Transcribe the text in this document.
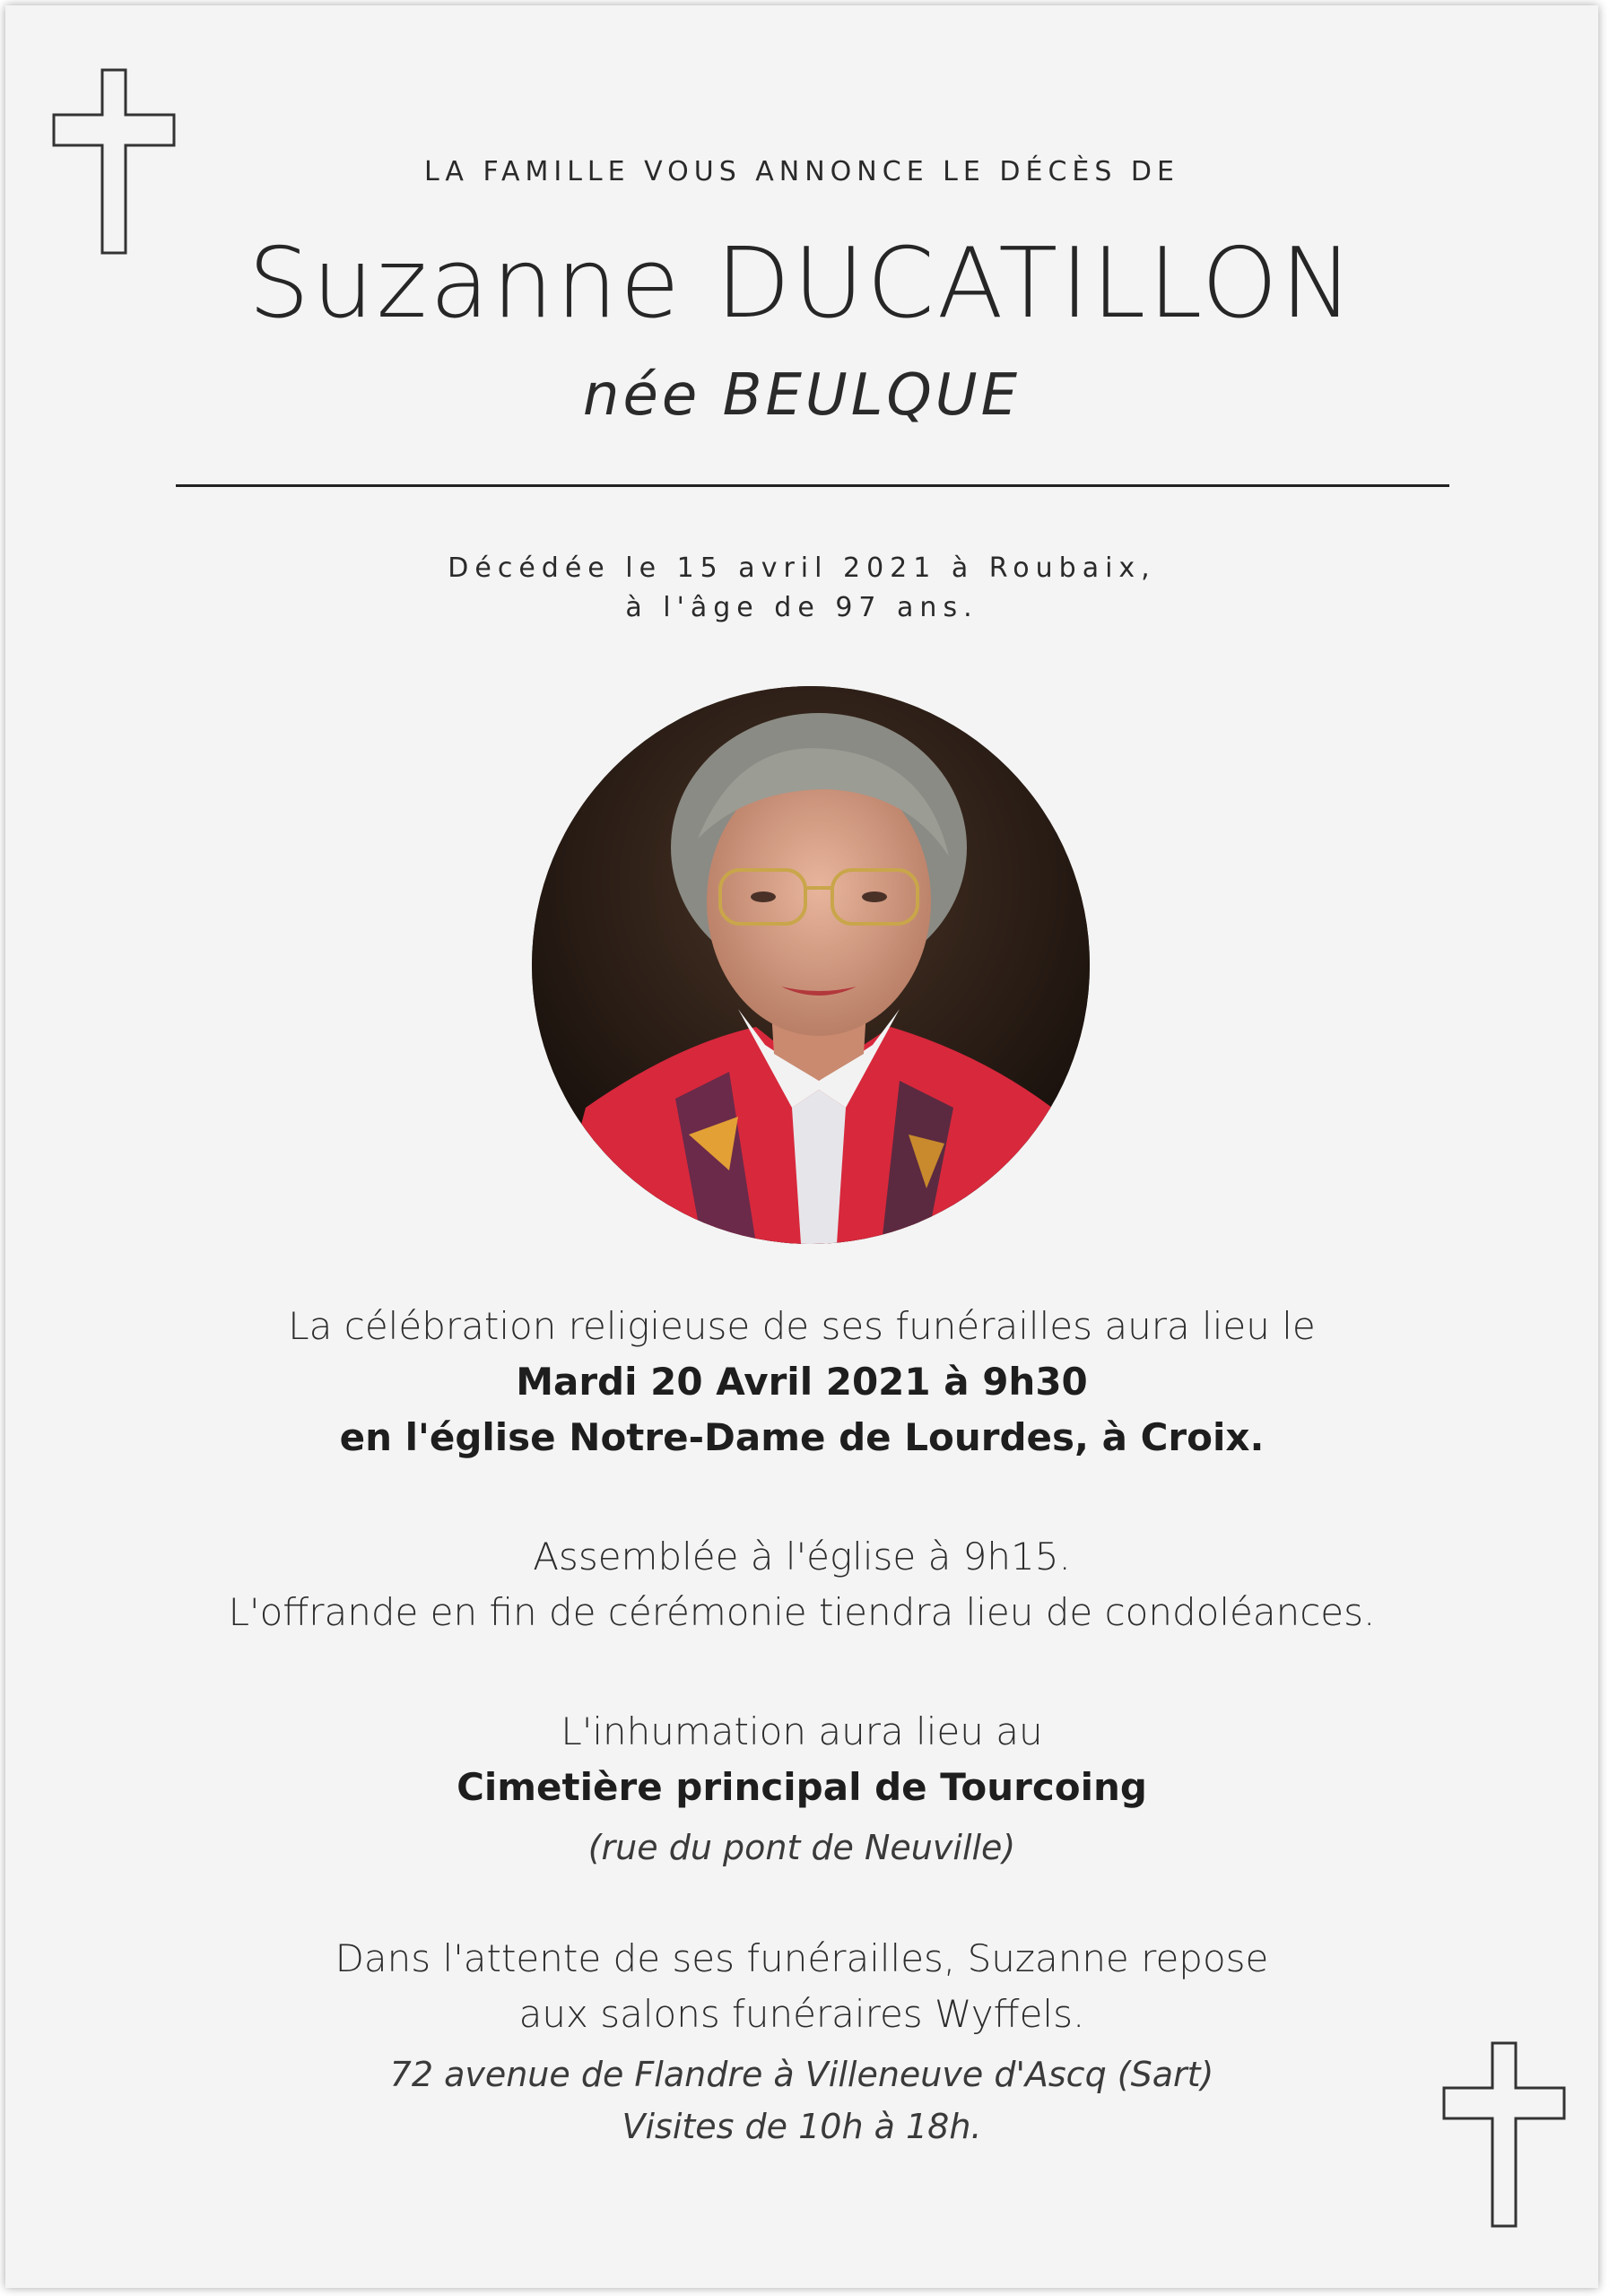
LA FAMILLE VOUS ANNONCE LE DÉCÈS DE
Suzanne DUCATILLON
née BEULQUE
Décédée le 15 avril 2021 à Roubaix,
à l'âge de 97 ans.
La célébration religieuse de ses funérailles aura lieu le
Mardi 20 Avril 2021 à 9h30
en l'église Notre-Dame de Lourdes, à Croix.
Assemblée à l'église à 9h15.
L'offrande en fin de cérémonie tiendra lieu de condoléances.
L'inhumation aura lieu au
Cimetière principal de Tourcoing
(rue du pont de Neuville)
Dans l'attente de ses funérailles, Suzanne repose
aux salons funéraires Wyffels.
72 avenue de Flandre à Villeneuve d'Ascq (Sart)
Visites de 10h à 18h.
